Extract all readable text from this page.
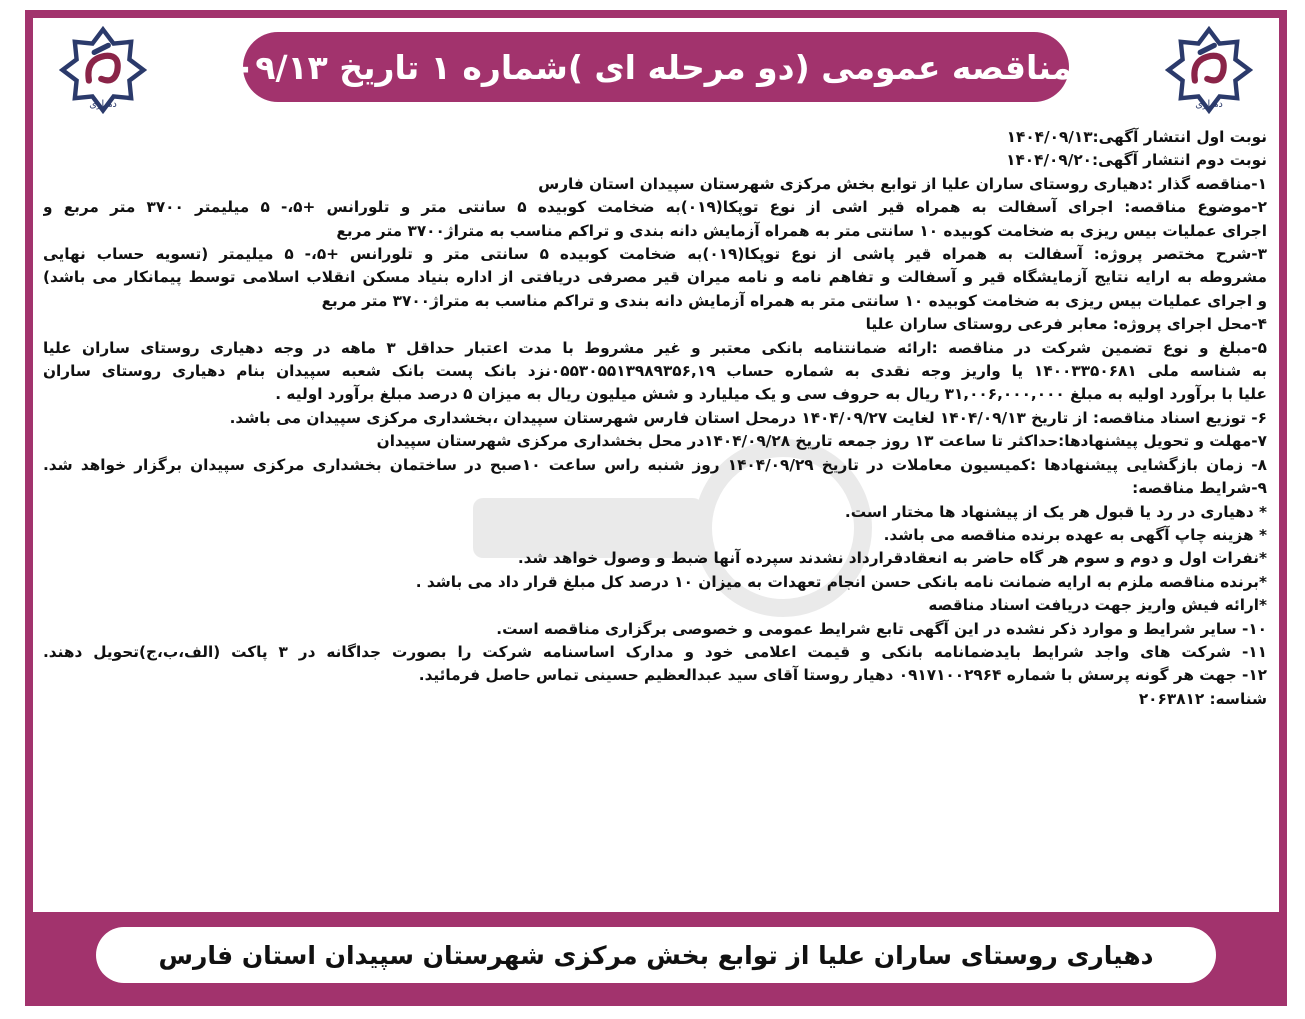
دهیاری
آگهی مناقصه عمومی (دو مرحله ای )شماره ۱ تاریخ ۱۴۰۴/۰۹/۱۳
دهیاری

نوبت اول انتشار آگهی:۱۴۰۴/۰۹/۱۳

نوبت دوم انتشار آگهی:۱۴۰۴/۰۹/۲۰

۱-مناقصه گذار :دهیاری روستای ساران علیا از توابع بخش مرکزی شهرستان سپیدان استان فارس

۲-موضوع مناقصه: اجرای آسفالت به همراه قیر اشی از نوع توپکا(۰۱۹)به ضخامت کوبیده ۵ سانتی متر و تلورانس +۵،- ۵ میلیمتر ۳۷۰۰ متر مربع و

اجرای عملیات بیس ریزی به ضخامت کوبیده ۱۰ سانتی متر به همراه آزمایش دانه بندی و تراکم مناسب به متراژ۳۷۰۰ متر مربع

۳-شرح مختصر پروژه: آسفالت به همراه قیر پاشی از نوع توپکا(۰۱۹)به ضخامت کوبیده ۵ سانتی متر و تلورانس +۵،- ۵ میلیمتر (تسویه حساب نهایی

مشروطه به ارایه نتایج آزمایشگاه قیر و آسفالت و تفاهم نامه و نامه میران قیر مصرفی دریافتی از اداره بنیاد مسکن انقلاب اسلامی توسط پیمانکار می باشد)

و اجرای عملیات بیس ریزی به ضخامت کوبیده ۱۰ سانتی متر به همراه آزمایش دانه بندی و تراکم مناسب به متراژ۳۷۰۰ متر مربع

۴-محل اجرای پروژه: معابر فرعی روستای ساران علیا

۵-مبلغ و نوع تضمین شرکت در مناقصه :ارائه ضمانتنامه بانکی معتبر و غیر مشروط با مدت اعتبار حداقل ۳ ماهه در وجه دهیاری روستای ساران علیا

به شناسه ملی ۱۴۰۰۳۳۵۰۶۸۱ یا واریز وجه نقدی به شماره حساب ۰۵۵۳۰۵۵۱۳۹۸۹۳۵۶,۱۹نزد بانک پست بانک شعبه سپیدان بنام دهیاری روستای ساران

علیا با برآورد اولیه به مبلغ ۳۱,۰۰۶,۰۰۰,۰۰۰ ریال به حروف سی و یک میلیارد و شش میلیون ریال به میزان ۵ درصد مبلغ برآورد اولیه .

۶- توزیع اسناد مناقصه: از تاریخ ۱۴۰۴/۰۹/۱۳ لغایت ۱۴۰۴/۰۹/۲۷ درمحل استان فارس شهرستان سپیدان ،بخشداری مرکزی سپیدان می باشد.

۷-مهلت و تحویل پیشنهادها:حداکثر تا ساعت ۱۳ روز جمعه تاریخ ۱۴۰۴/۰۹/۲۸در محل بخشداری مرکزی شهرستان سپیدان

۸- زمان بازگشایی پیشنهادها :کمیسیون معاملات در تاریخ ۱۴۰۴/۰۹/۲۹ روز شنبه راس ساعت ۱۰صبح در ساختمان بخشداری مرکزی سپیدان برگزار خواهد شد.

۹-شرایط مناقصه:

* دهیاری در رد یا قبول هر یک از پیشنهاد ها مختار است.

* هزینه چاپ آگهی به عهده برنده مناقصه می باشد.

*نفرات اول و دوم و سوم هر گاه حاضر به انعقادقرارداد نشدند سپرده آنها ضبط و وصول خواهد شد.

*برنده مناقصه ملزم به ارایه ضمانت نامه بانکی حسن انجام تعهدات به میزان ۱۰ درصد کل مبلغ قرار داد می باشد .

*ارائه فیش واریز جهت دریافت اسناد مناقصه

۱۰- سایر شرایط و موارد ذکر نشده در این آگهی تابع شرایط عمومی و خصوصی برگزاری مناقصه است.

۱۱- شرکت های واجد شرایط بایدضمانامه بانکی و قیمت اعلامی خود و مدارک اساسنامه شرکت را بصورت جداگانه در ۳ پاکت (الف،ب،ج)تحویل دهند.

۱۲- جهت هر گونه پرسش با شماره ۰۹۱۷۱۰۰۲۹۶۴ دهیار روستا آقای سید عبدالعظیم حسینی تماس حاصل فرمائید.

شناسه: ۲۰۶۳۸۱۲

دهیاری روستای ساران علیا از توابع بخش مرکزی شهرستان سپیدان استان فارس
